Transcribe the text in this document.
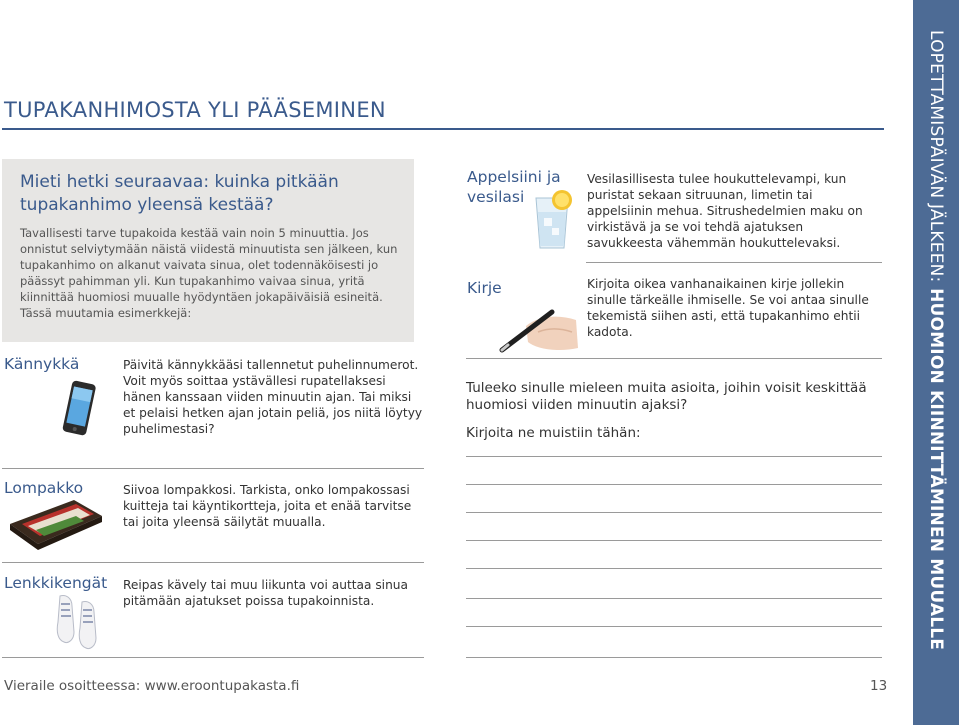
TUPAKANHIMOSTA YLI PÄÄSEMINEN
Mieti hetki seuraavaa: kuinka pitkään tupakanhimo yleensä kestää?
Tavallisesti tarve tupakoida kestää vain noin 5 minuuttia. Jos onnistut selviytymään näistä viidestä minuutista sen jälkeen, kun tupakanhimo on alkanut vaivata sinua, olet todennäköisesti jo päässyt pahimman yli. Kun tupakanhimo vaivaa sinua, yritä kiinnittää huomiosi muualle hyödyntäen jokapäiväisiä esineitä. Tässä muutamia esimerkkejä:
Kännykkä	Päivitä kännykkääsi tallennetut puhelinnumerot. Voit myös soittaa ystävällesi rupatellaksesi hänen kanssaan viiden minuutin ajan. Tai miksi et pelaisi hetken ajan jotain peliä, jos niitä löytyy puhelimestasi?
Lompakko	Siivoa lompakkosi. Tarkista, onko lompakossasi kuitteja tai käyntikortteja, joita et enää tarvitse tai joita yleensä säilytät muualla.
Lenkkikengät Reipas kävely tai muu liikunta voi auttaa sinua pitämään ajatukset poissa tupakoinnista.
Appelsiini ja vesilasi
Vesilasillisesta tulee houkuttelevampi, kun puristat sekaan sitruunan, limetin tai appelsiinin mehua. Sitrushedelmien maku on virkistävä ja se voi tehdä ajatuksen savukkeesta vähemmän houkuttelevaksi.
Kirje	Kirjoita oikea vanhanaikainen kirje jollekin sinulle tärkeälle ihmiselle. Se voi antaa sinulle tekemistä siihen asti, että tupakanhimo ehtii kadota.
Tuleeko sinulle mieleen muita asioita, joihin voisit keskittää huomiosi viiden minuutin ajaksi?
Kirjoita ne muistiin tähän:
Vieraile osoitteessa: www.eroontupakasta.fi	13
LOPETTAMISPÄIVÄN JÄLKEEN: HUOMION KIINNITTÄMINEN MUUALLE
